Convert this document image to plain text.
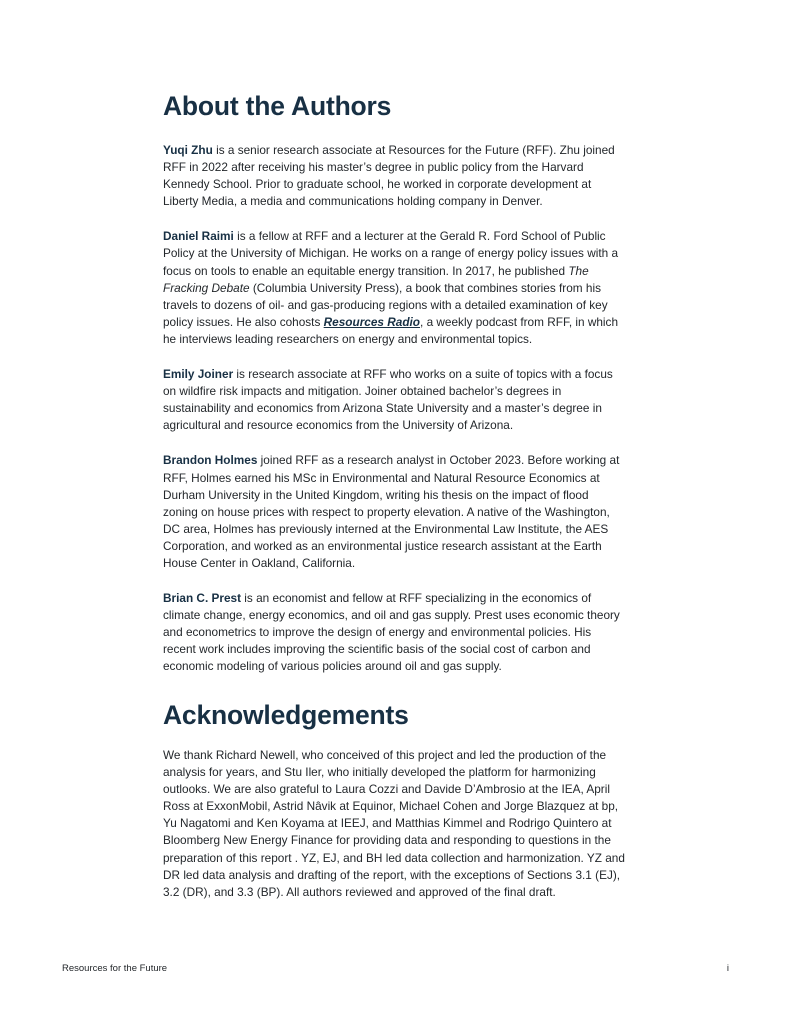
About the Authors

Yuqi Zhu is a senior research associate at Resources for the Future (RFF). Zhu joined RFF in 2022 after receiving his master’s degree in public policy from the Harvard Kennedy School. Prior to graduate school, he worked in corporate development at Liberty Media, a media and communications holding company in Denver.

Daniel Raimi is a fellow at RFF and a lecturer at the Gerald R. Ford School of Public Policy at the University of Michigan. He works on a range of energy policy issues with a focus on tools to enable an equitable energy transition. In 2017, he published The Fracking Debate (Columbia University Press), a book that combines stories from his travels to dozens of oil- and gas-producing regions with a detailed examination of key policy issues. He also cohosts Resources Radio, a weekly podcast from RFF, in which he interviews leading researchers on energy and environmental topics.

Emily Joiner is research associate at RFF who works on a suite of topics with a focus on wildfire risk impacts and mitigation. Joiner obtained bachelor’s degrees in sustainability and economics from Arizona State University and a master’s degree in agricultural and resource economics from the University of Arizona.

Brandon Holmes joined RFF as a research analyst in October 2023. Before working at RFF, Holmes earned his MSc in Environmental and Natural Resource Economics at Durham University in the United Kingdom, writing his thesis on the impact of flood zoning on house prices with respect to property elevation. A native of the Washington, DC area, Holmes has previously interned at the Environmental Law Institute, the AES Corporation, and worked as an environmental justice research assistant at the Earth House Center in Oakland, California.

Brian C. Prest is an economist and fellow at RFF specializing in the economics of climate change, energy economics, and oil and gas supply. Prest uses economic theory and econometrics to improve the design of energy and environmental policies. His recent work includes improving the scientific basis of the social cost of carbon and economic modeling of various policies around oil and gas supply.

Acknowledgements

We thank Richard Newell, who conceived of this project and led the production of the analysis for years, and Stu Iler, who initially developed the platform for harmonizing outlooks. We are also grateful to Laura Cozzi and Davide D’Ambrosio at the IEA, April Ross at ExxonMobil, Astrid Nâvik at Equinor, Michael Cohen and Jorge Blazquez at bp, Yu Nagatomi and Ken Koyama at IEEJ, and Matthias Kimmel and Rodrigo Quintero at Bloomberg New Energy Finance for providing data and responding to questions in the preparation of this report . YZ, EJ, and BH led data collection and harmonization. YZ and DR led data analysis and drafting of the report, with the exceptions of Sections 3.1 (EJ), 3.2 (DR), and 3.3 (BP). All authors reviewed and approved of the final draft.

Resources for the Future	i
